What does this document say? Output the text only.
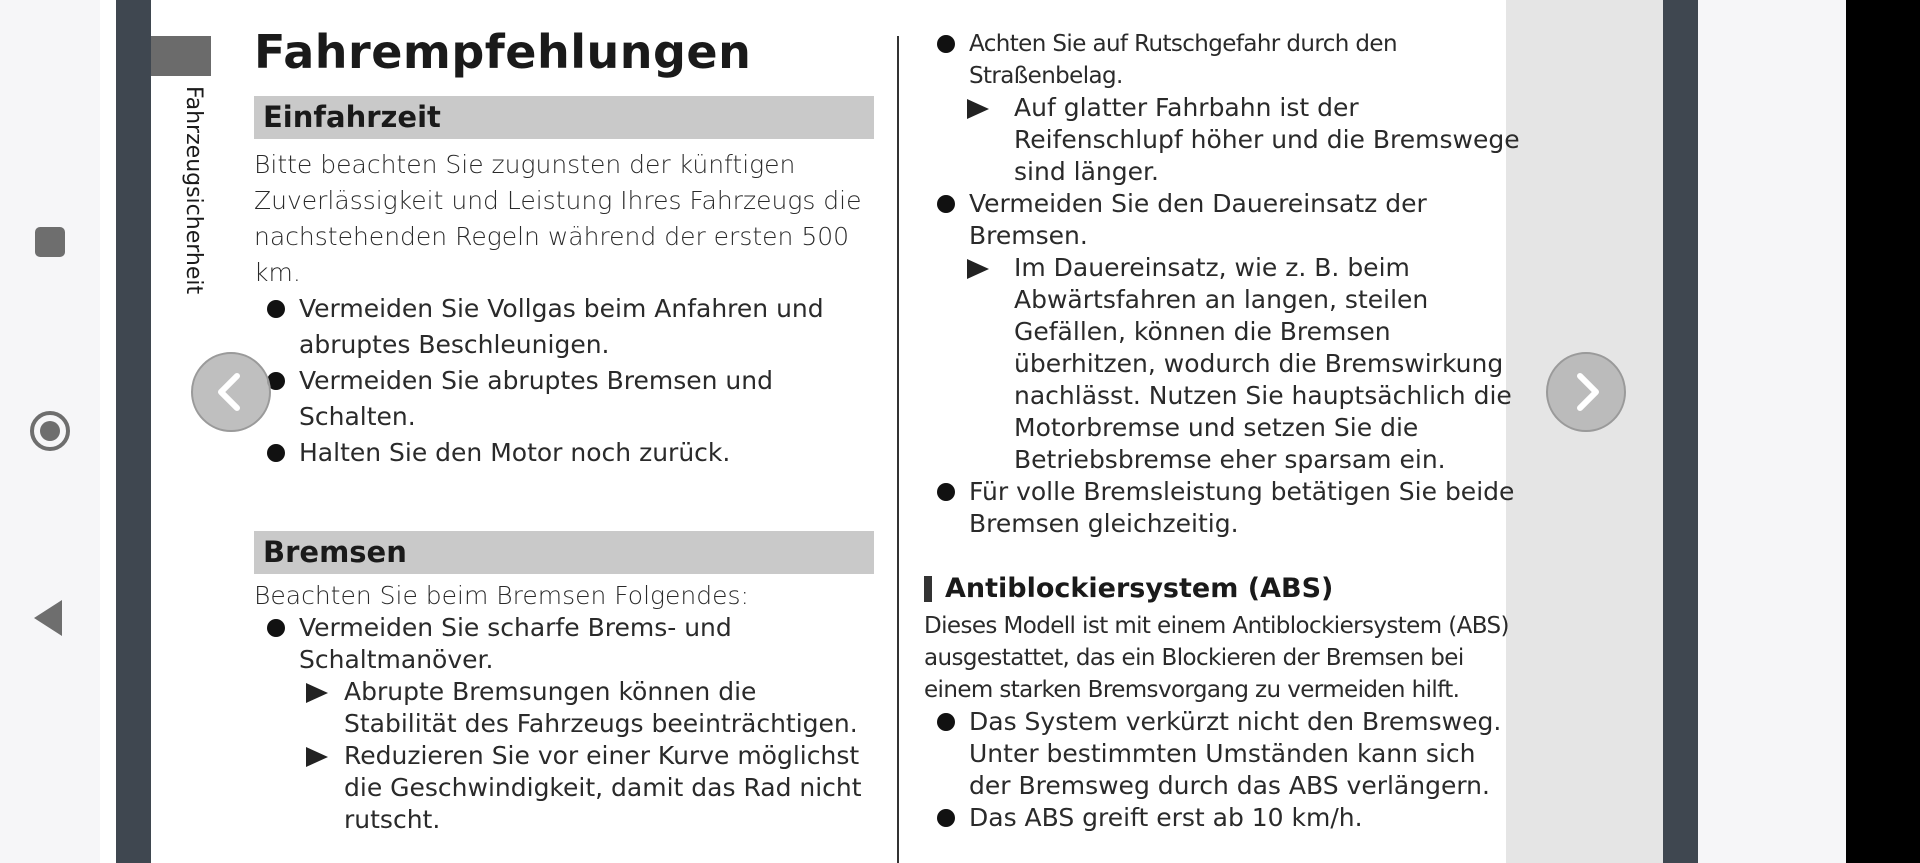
Fahrzeugsicherheit
Fahrempfehlungen
Einfahrzeit
Bitte beachten Sie zugunsten der künftigen Zuverlässigkeit und Leistung Ihres Fahrzeugs die nachstehenden Regeln während der ersten 500 km.
Vermeiden Sie Vollgas beim Anfahren und abruptes Beschleunigen.
Vermeiden Sie abruptes Bremsen und Schalten.
Halten Sie den Motor noch zurück.
Bremsen
Beachten Sie beim Bremsen Folgendes:
Vermeiden Sie scharfe Brems- und Schaltmanöver.
Abrupte Bremsungen können die Stabilität des Fahrzeugs beeinträchtigen.
Reduzieren Sie vor einer Kurve möglichst die Geschwindigkeit, damit das Rad nicht rutscht.
Achten Sie auf Rutschgefahr durch den Straßenbelag.
Auf glatter Fahrbahn ist der Reifenschlupf höher und die Bremswege sind länger.
Vermeiden Sie den Dauereinsatz der Bremsen.
Im Dauereinsatz, wie z. B. beim Abwärtsfahren an langen, steilen Gefällen, können die Bremsen überhitzen, wodurch die Bremswirkung nachlässt. Nutzen Sie hauptsächlich die Motorbremse und setzen Sie die Betriebsbremse eher sparsam ein.
Für volle Bremsleistung betätigen Sie beide Bremsen gleichzeitig.
Antiblockiersystem (ABS)
Dieses Modell ist mit einem Antiblockiersystem (ABS) ausgestattet, das ein Blockieren der Bremsen bei einem starken Bremsvorgang zu vermeiden hilft.
Das System verkürzt nicht den Bremsweg. Unter bestimmten Umständen kann sich der Bremsweg durch das ABS verlängern.
Das ABS greift erst ab 10 km/h.
